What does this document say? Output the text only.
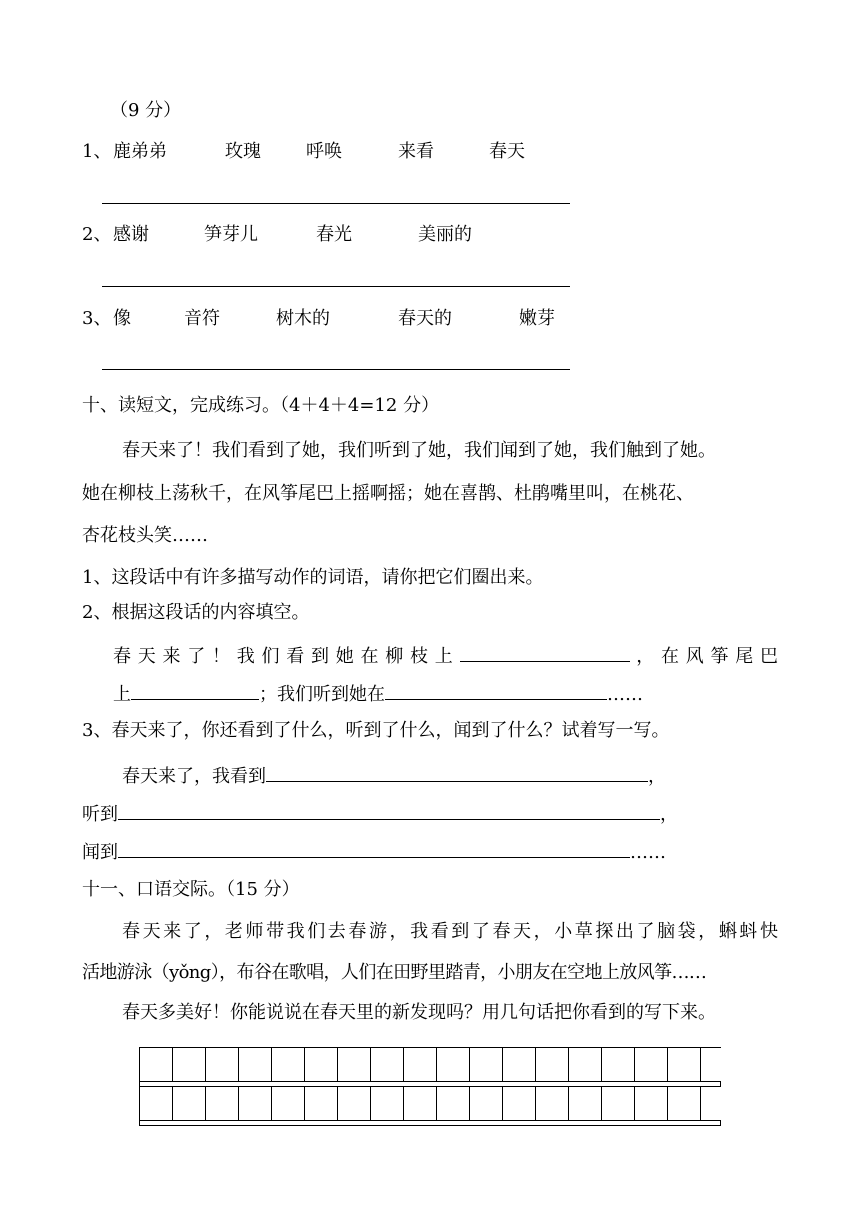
（9 分）
1、 鹿弟弟	玫瑰	呼唤	来看	春天
2、 感谢	笋芽儿	春光	美丽的
3、 像	音符	树木的	春天的	嫩芽
十、读短文，完成练习。（4＋4＋4=12 分）
春天来了！我们看到了她，我们听到了她，我们闻到了她，我们触到了她。
她在柳枝上荡秋千，在风筝尾巴上摇啊摇；她在喜鹊、杜鹃嘴里叫，在桃花、
杏花枝头笑……
1、这段话中有许多描写动作的词语，请你把它们圈出来。
2、根据这段话的内容填空。
春天来了！我们看到她在柳枝上	，在风筝尾巴
上	；我们听到她在	……
3、春天来了，你还看到了什么，听到了什么，闻到了什么？试着写一写。
春天来了，我看到	，
听到	，
闻到	……
十一、口语交际。（15 分）
春天来了，老师带我们去春游，我看到了春天，小草探出了脑袋，蝌蚪快
活地游泳（yǒng），布谷在歌唱，人们在田野里踏青，小朋友在空地上放风筝……
春天多美好！你能说说在春天里的新发现吗？用几句话把你看到的写下来。
